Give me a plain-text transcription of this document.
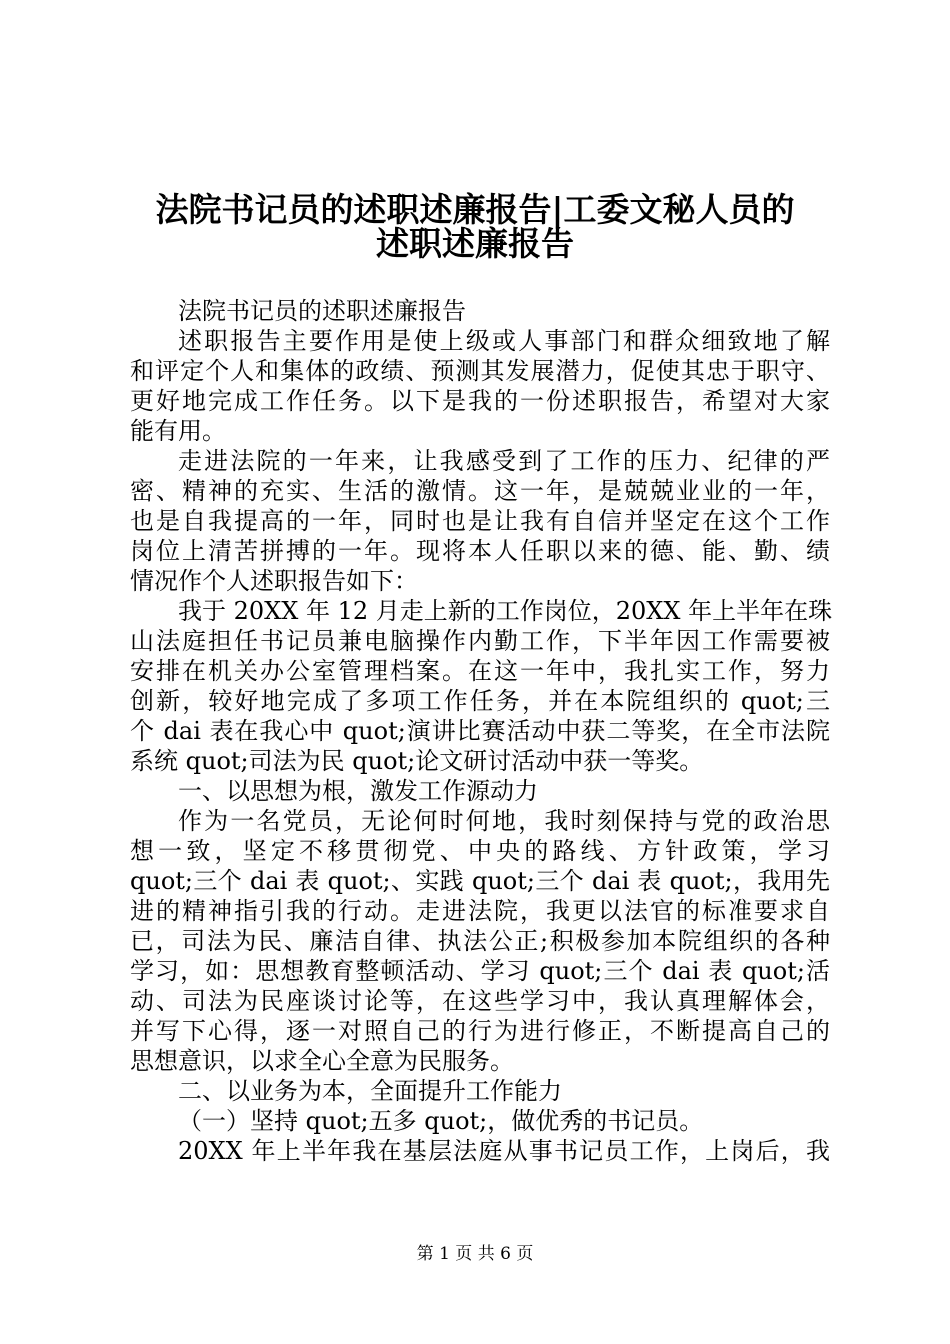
法院书记员的述职述廉报告|工委文秘人员的
述职述廉报告
法院书记员的述职述廉报告
述职报告主要作用是使上级或人事部门和群众细致地了解
和评定个人和集体的政绩、预测其发展潜力，促使其忠于职守、
更好地完成工作任务。以下是我的一份述职报告，希望对大家
能有用。
走进法院的一年来，让我感受到了工作的压力、纪律的严
密、精神的充实、生活的激情。这一年，是兢兢业业的一年，
也是自我提高的一年，同时也是让我有自信并坚定在这个工作
岗位上清苦拼搏的一年。现将本人任职以来的德、能、勤、绩
情况作个人述职报告如下：
我于 20XX 年 12 月走上新的工作岗位，20XX 年上半年在珠
山法庭担任书记员兼电脑操作内勤工作，下半年因工作需要被
安排在机关办公室管理档案。在这一年中，我扎实工作，努力
创新，较好地完成了多项工作任务，并在本院组织的 quot;三
个 dai 表在我心中 quot;演讲比赛活动中获二等奖，在全市法院
系统 quot;司法为民 quot;论文研讨活动中获一等奖。
一、以思想为根，激发工作源动力
作为一名党员，无论何时何地，我时刻保持与党的政治思
想一致，坚定不移贯彻党、中央的路线、方针政策，学习
quot;三个 dai 表 quot;、实践 quot;三个 dai 表 quot;，我用先
进的精神指引我的行动。走进法院，我更以法官的标准要求自
已，司法为民、廉洁自律、执法公正;积极参加本院组织的各种
学习，如：思想教育整顿活动、学习 quot;三个 dai 表 quot;活
动、司法为民座谈讨论等，在这些学习中，我认真理解体会，
并写下心得，逐一对照自己的行为进行修正，不断提高自己的
思想意识，以求全心全意为民服务。
二、以业务为本，全面提升工作能力
（一）坚持 quot;五多 quot;，做优秀的书记员。
20XX 年上半年我在基层法庭从事书记员工作，上岗后，我
第 1 页 共 6 页
